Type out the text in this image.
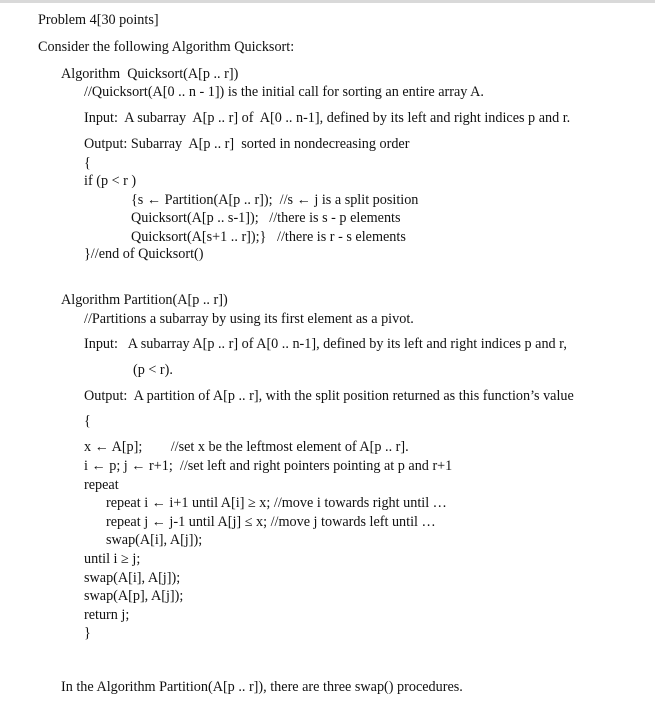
Problem 4[30 points]
Consider the following Algorithm Quicksort:
Algorithm  Quicksort(A[p .. r])
//Quicksort(A[0 .. n - 1]) is the initial call for sorting an entire array A.
Input:  A subarray  A[p .. r] of  A[0 .. n-1], defined by its left and right indices p and r.
Output: Subarray  A[p .. r]  sorted in nondecreasing order
{
if (p < r )
{s ← Partition(A[p .. r]);  //s ← j is a split position
Quicksort(A[p .. s-1]);   //there is s - p elements
Quicksort(A[s+1 .. r]);}   //there is r - s elements
}//end of Quicksort()
Algorithm Partition(A[p .. r])
//Partitions a subarray by using its first element as a pivot.
Input:   A subarray A[p .. r] of A[0 .. n-1], defined by its left and right indices p and r,
(p < r).
Output:  A partition of A[p .. r], with the split position returned as this function’s value
{
x ← A[p];        //set x be the leftmost element of A[p .. r].
i ← p; j ← r+1;  //set left and right pointers pointing at p and r+1
repeat
repeat i ← i+1 until A[i] ≥ x; //move i towards right until …
repeat j ← j-1 until A[j] ≤ x; //move j towards left until …
swap(A[i], A[j]);
until i ≥ j;
swap(A[i], A[j]);
swap(A[p], A[j]);
return j;
}
In the Algorithm Partition(A[p .. r]), there are three swap() procedures.
